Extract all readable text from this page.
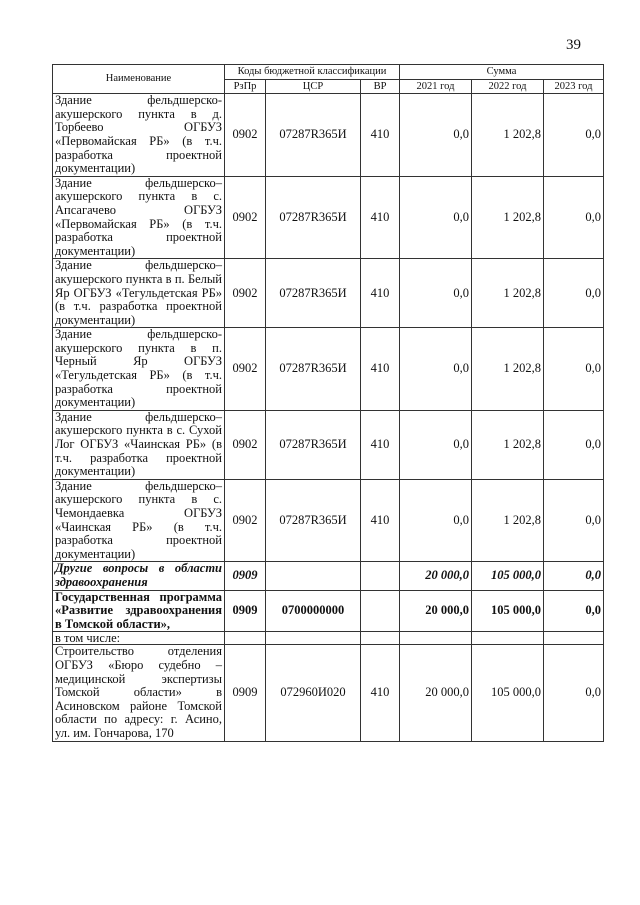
39
Наименование	Коды бюджетной классификации			Сумма		
	РзПр	ЦСР	ВР	2021 год	2022 год	2023 год
Здание фельдшерско-акушерского пункта в д. Торбеево ОГБУЗ «Первомайская РБ» (в т.ч. разработка проектной документации)	0902	07287R365И	410	0,0	1 202,8	0,0
Здание фельдшерско–акушерского пункта в с. Апсагачево ОГБУЗ «Первомайская РБ» (в т.ч. разработка проектной документации)	0902	07287R365И	410	0,0	1 202,8	0,0
Здание фельдшерско–акушерского пункта в п. Белый Яр ОГБУЗ «Тегульдетская РБ» (в т.ч. разработка проектной документации)	0902	07287R365И	410	0,0	1 202,8	0,0
Здание фельдшерско-акушерского пункта в п. Черный Яр ОГБУЗ «Тегульдетская РБ» (в т.ч. разработка проектной документации)	0902	07287R365И	410	0,0	1 202,8	0,0
Здание фельдшерско–акушерского пункта в с. Сухой Лог ОГБУЗ «Чаинская РБ» (в т.ч. разработка проектной документации)	0902	07287R365И	410	0,0	1 202,8	0,0
Здание фельдшерско–акушерского пункта в с. Чемондаевка ОГБУЗ «Чаинская РБ» (в т.ч. разработка проектной документации)	0902	07287R365И	410	0,0	1 202,8	0,0
Другие вопросы в области здравоохранения	0909			20 000,0	105 000,0	0,0
Государственная программа «Развитие здравоохранения в Томской области»,	0909	0700000000		20 000,0	105 000,0	0,0
в том числе:						
Строительство отделения ОГБУЗ «Бюро судебно – медицинской экспертизы Томской области» в Асиновском районе Томской области по адресу: г. Асино, ул. им. Гончарова, 170	0909	072960И020	410	20 000,0	105 000,0	0,0
